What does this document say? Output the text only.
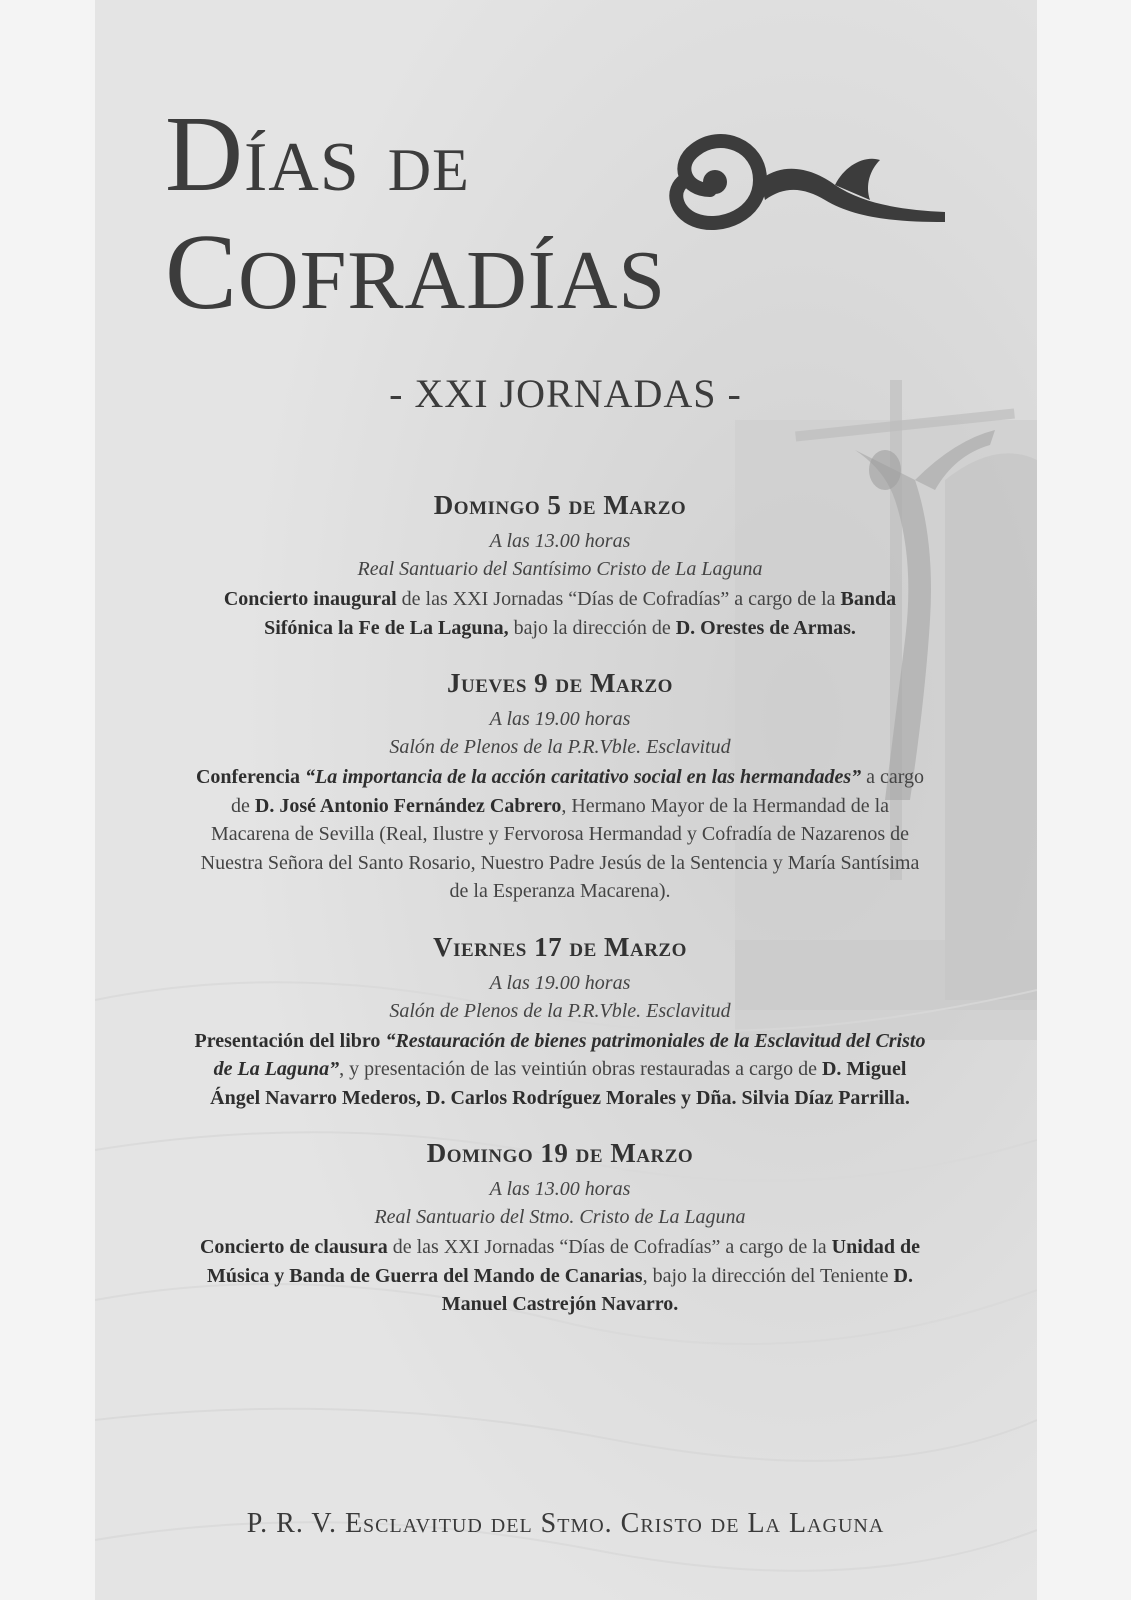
DÍAS DE
COFRADÍAS
- XXI JORNADAS -
Domingo 5 de Marzo
A las 13.00 horas
Real Santuario del Santísimo Cristo de La Laguna
Concierto inaugural de las XXI Jornadas “Días de Cofradías” a cargo de la Banda Sifónica la Fe de La Laguna, bajo la dirección de D. Orestes de Armas.
Jueves 9 de Marzo
A las 19.00 horas
Salón de Plenos de la P.R.Vble. Esclavitud
Conferencia “La importancia de la acción caritativo social en las hermandades” a cargo de D. José Antonio Fernández Cabrero, Hermano Mayor de la Hermandad de la Macarena de Sevilla (Real, Ilustre y Fervorosa Hermandad y Cofradía de Nazarenos de Nuestra Señora del Santo Rosario, Nuestro Padre Jesús de la Sentencia y María Santísima de la Esperanza Macarena).
Viernes 17 de Marzo
A las 19.00 horas
Salón de Plenos de la P.R.Vble. Esclavitud
Presentación del libro “Restauración de bienes patrimoniales de la Esclavitud del Cristo de La Laguna”, y presentación de las veintiún obras restauradas a cargo de D. Miguel Ángel Navarro Mederos, D. Carlos Rodríguez Morales y Dña. Silvia Díaz Parrilla.
Domingo 19 de Marzo
A las 13.00 horas
Real Santuario del Stmo. Cristo de La Laguna
Concierto de clausura de las XXI Jornadas “Días de Cofradías” a cargo de la Unidad de Música y Banda de Guerra del Mando de Canarias, bajo la dirección del Teniente D. Manuel Castrejón Navarro.
P. R. V. Esclavitud del Stmo. Cristo de La Laguna
